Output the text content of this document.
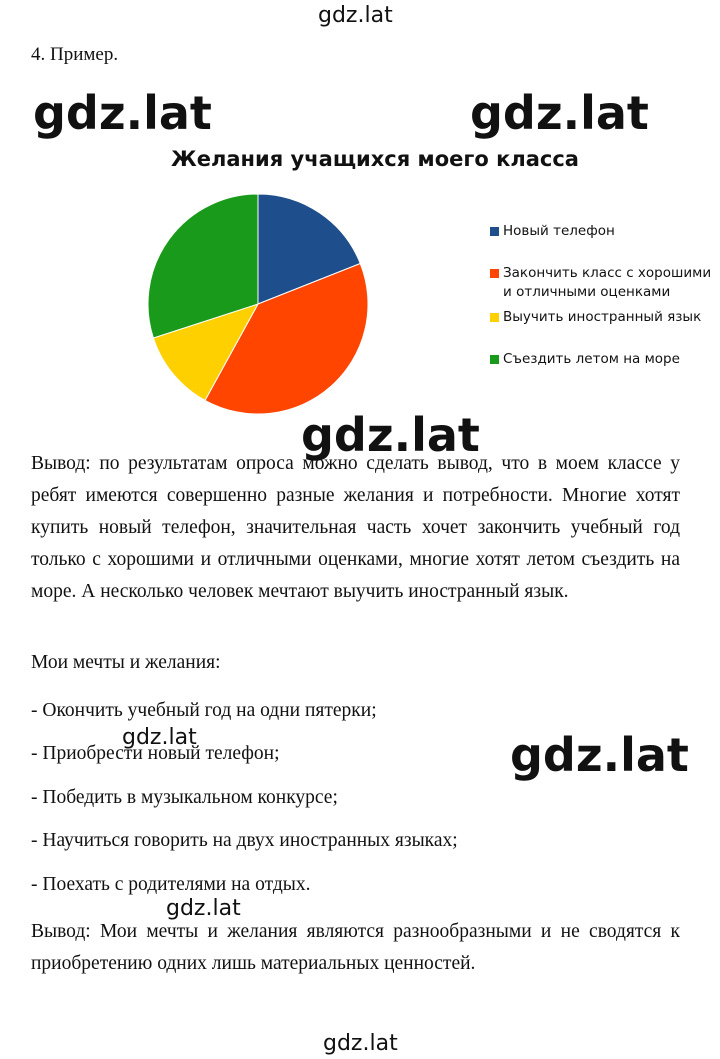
gdz.lat
4. Пример.
gdz.lat	gdz.lat
Желания учащихся моего класса
Новый телефон
Закончить класс с хорошими и отличными оценками
Выучить иностранный язык
Съездить летом на море
gdz.lat
Вывод: по результатам опроса можно сделать вывод, что в моем классе у ребят имеются совершенно разные желания и потребности. Многие хотят купить новый телефон, значительная часть хочет закончить учебный год только с хорошими и отличными оценками, многие хотят летом съездить на море. А несколько человек мечтают выучить иностранный язык.
Мои мечты и желания:
- Окончить учебный год на одни пятерки;
- Приобрести новый телефон;
- Победить в музыкальном конкурсе;
- Научиться говорить на двух иностранных языках;
- Поехать с родителями на отдых.
gdz.lat	gdz.lat
gdz.lat
Вывод: Мои мечты и желания являются разнообразными и не сводятся к приобретению одних лишь материальных ценностей.
gdz.lat
